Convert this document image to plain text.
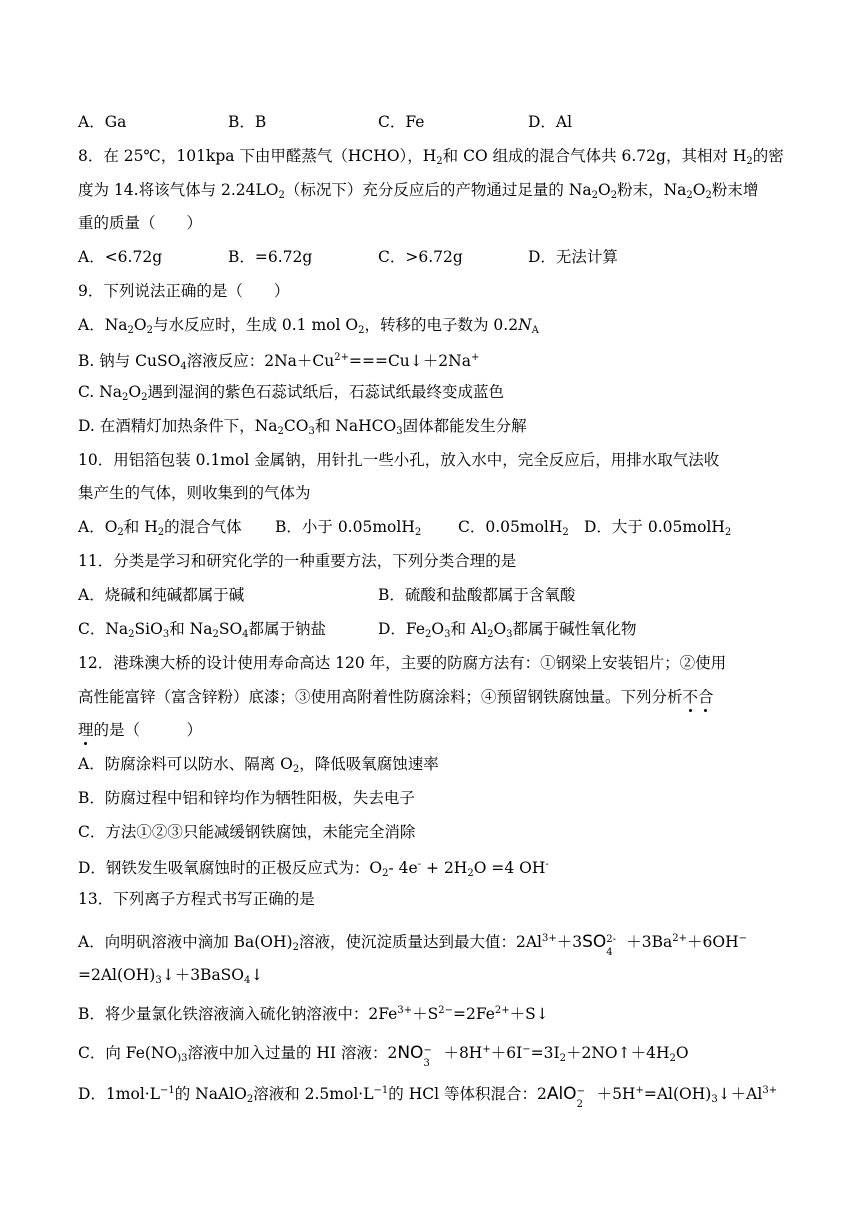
A．Ga	B．B	C．Fe	D．Al
8．在 25℃，101kpa 下由甲醛蒸气（HCHO），$H_2$和 CO 组成的混合气体共 6.72g，其相对 $H_2$的密
度为 14.将该气体与 $2.24LO_2$（标况下）充分反应后的产物通过足量的 $Na_2O_2$粉末，$Na_2O_2$粉末增
重的质量（　　）
A．<6.72g	B．=6.72g	C．>6.72g	D．无法计算
9．下列说法正确的是（　　）
A．$Na_2O_2$与水反应时，生成 0.1 mol $O_2$，转移的电子数为 $0.2N_A$
B. 钠与 CuSO$_4$溶液反应：$2Na+Cu^{2+}===Cu↓+2Na^+$
C. $Na_2O_2$遇到湿润的紫色石蕊试纸后，石蕊试纸最终变成蓝色
D. 在酒精灯加热条件下，$Na_2CO_3$和 NaHCO$_3$固体都能发生分解
10．用铝箔包装 0.1mol 金属钠，用针扎一些小孔，放入水中，完全反应后，用排水取气法收
集产生的气体，则收集到的气体为
A．$O_2$和 $H_2$的混合气体 B．小于 0.05molH$_2$ C．0.05molH$_2$ D．大于 0.05molH$_2$
11．分类是学习和研究化学的一种重要方法，下列分类合理的是
A．烧碱和纯碱都属于碱	B．硫酸和盐酸都属于含氧酸
C．$Na_2SiO_3$和 $Na_2SO_4$都属于钠盐	D．$Fe_2O_3$和 $Al_2O_3$都属于碱性氧化物
12．港珠澳大桥的设计使用寿命高达 120 年，主要的防腐方法有：①钢梁上安装铝片；②使用
高性能富锌（富含锌粉）底漆；③使用高附着性防腐涂料；④预留钢铁腐蚀量。下列分析不合
理的是（　　　）
A．防腐涂料可以防水、隔离 $O_2$，降低吸氧腐蚀速率
B．防腐过程中铝和锌均作为牺牲阳极，失去电子
C．方法①②③只能减缓钢铁腐蚀，未能完全消除
D．钢铁发生吸氧腐蚀时的正极反应式为：$O_2-$ $4e^- + 2H_2O =4$ OH-
13．下列离子方程式书写正确的是
A．向明矾溶液中滴加 $Ba(OH)_2$溶液，使沉淀质量达到最大值：$2Al^{3+}+3SO$ 2-
4
$+3Ba^{2+}+6OH^-$
$=2Al(OH)_3↓+3BaSO_4↓$
B．将少量氯化铁溶液滴入硫化钠溶液中：$2Fe^{3+}+S^{2-}=2Fe^{2+}+S↓$
C．向 $Fe(NO_{)3}$溶液中加入过量的 HI 溶液：2NO −
3
$+8H^++6I^-=3I_2+2NO↑+4H_2O$
D．$1mol\cdot L^{-1}$的 NaAlO$_2$溶液和 $2.5mol\cdot L^{-1}$的 HCl 等体积混合：2AlO −
2
$+5H^+=Al(OH)_3↓+Al^{3+}$
